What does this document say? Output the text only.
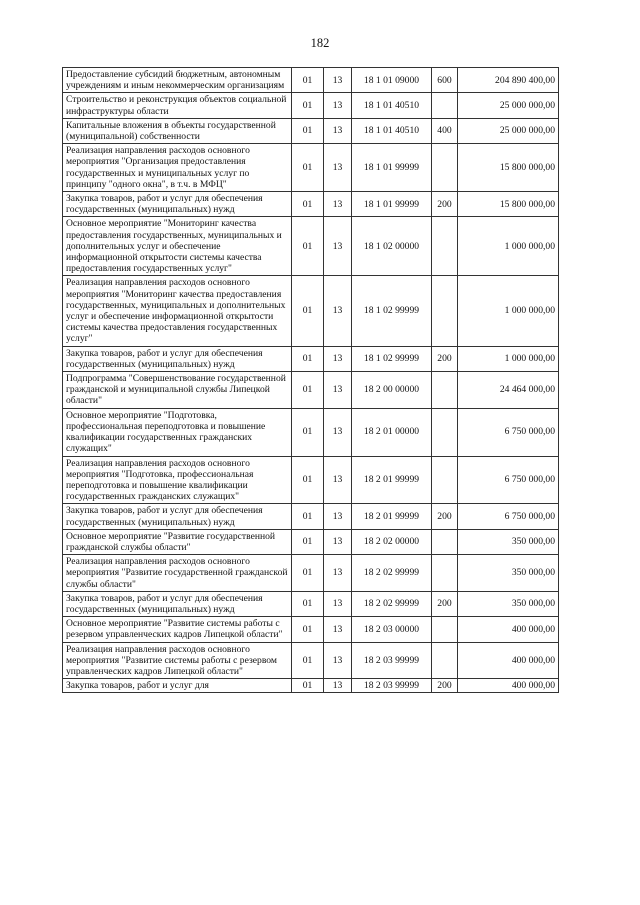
182
Предоставление субсидий бюджетным, автономным учреждениям и иным некоммерческим организациям	01	13	18 1 01 09000	600	204 890 400,00
Строительство и реконструкция объектов социальной инфраструктуры области	01	13	18 1 01 40510		25 000 000,00
Капитальные вложения в объекты государственной (муниципальной) собственности	01	13	18 1 01 40510	400	25 000 000,00
Реализация направления расходов основного мероприятия "Организация предоставления государственных и муниципальных услуг по принципу "одного окна", в т.ч. в МФЦ"	01	13	18 1 01 99999		15 800 000,00
Закупка товаров, работ и услуг для обеспечения государственных (муниципальных) нужд	01	13	18 1 01 99999	200	15 800 000,00
Основное мероприятие "Мониторинг качества предоставления государственных, муниципальных и дополнительных услуг и обеспечение информационной открытости системы качества предоставления государственных услуг"	01	13	18 1 02 00000		1 000 000,00
Реализация направления расходов основного мероприятия "Мониторинг качества предоставления государственных, муниципальных и дополнительных услуг и обеспечение информационной открытости системы качества предоставления государственных услуг"	01	13	18 1 02 99999		1 000 000,00
Закупка товаров, работ и услуг для обеспечения государственных (муниципальных) нужд	01	13	18 1 02 99999	200	1 000 000,00
Подпрограмма "Совершенствование государственной гражданской и муниципальной службы Липецкой области"	01	13	18 2 00 00000		24 464 000,00
Основное мероприятие "Подготовка, профессиональная переподготовка и повышение квалификации государственных гражданских служащих"	01	13	18 2 01 00000		6 750 000,00
Реализация направления расходов основного мероприятия "Подготовка, профессиональная переподготовка и повышение квалификации государственных гражданских служащих"	01	13	18 2 01 99999		6 750 000,00
Закупка товаров, работ и услуг для обеспечения государственных (муниципальных) нужд	01	13	18 2 01 99999	200	6 750 000,00
Основное мероприятие "Развитие государственной гражданской службы области"	01	13	18 2 02 00000		350 000,00
Реализация направления расходов основного мероприятия "Развитие государственной гражданской службы области"	01	13	18 2 02 99999		350 000,00
Закупка товаров, работ и услуг для обеспечения государственных (муниципальных) нужд	01	13	18 2 02 99999	200	350 000,00
Основное мероприятие "Развитие системы работы с резервом управленческих кадров Липецкой области"	01	13	18 2 03 00000		400 000,00
Реализация направления расходов основного мероприятия "Развитие системы работы с резервом управленческих кадров Липецкой области"	01	13	18 2 03 99999		400 000,00
Закупка товаров, работ и услуг для	01	13	18 2 03 99999	200	400 000,00
